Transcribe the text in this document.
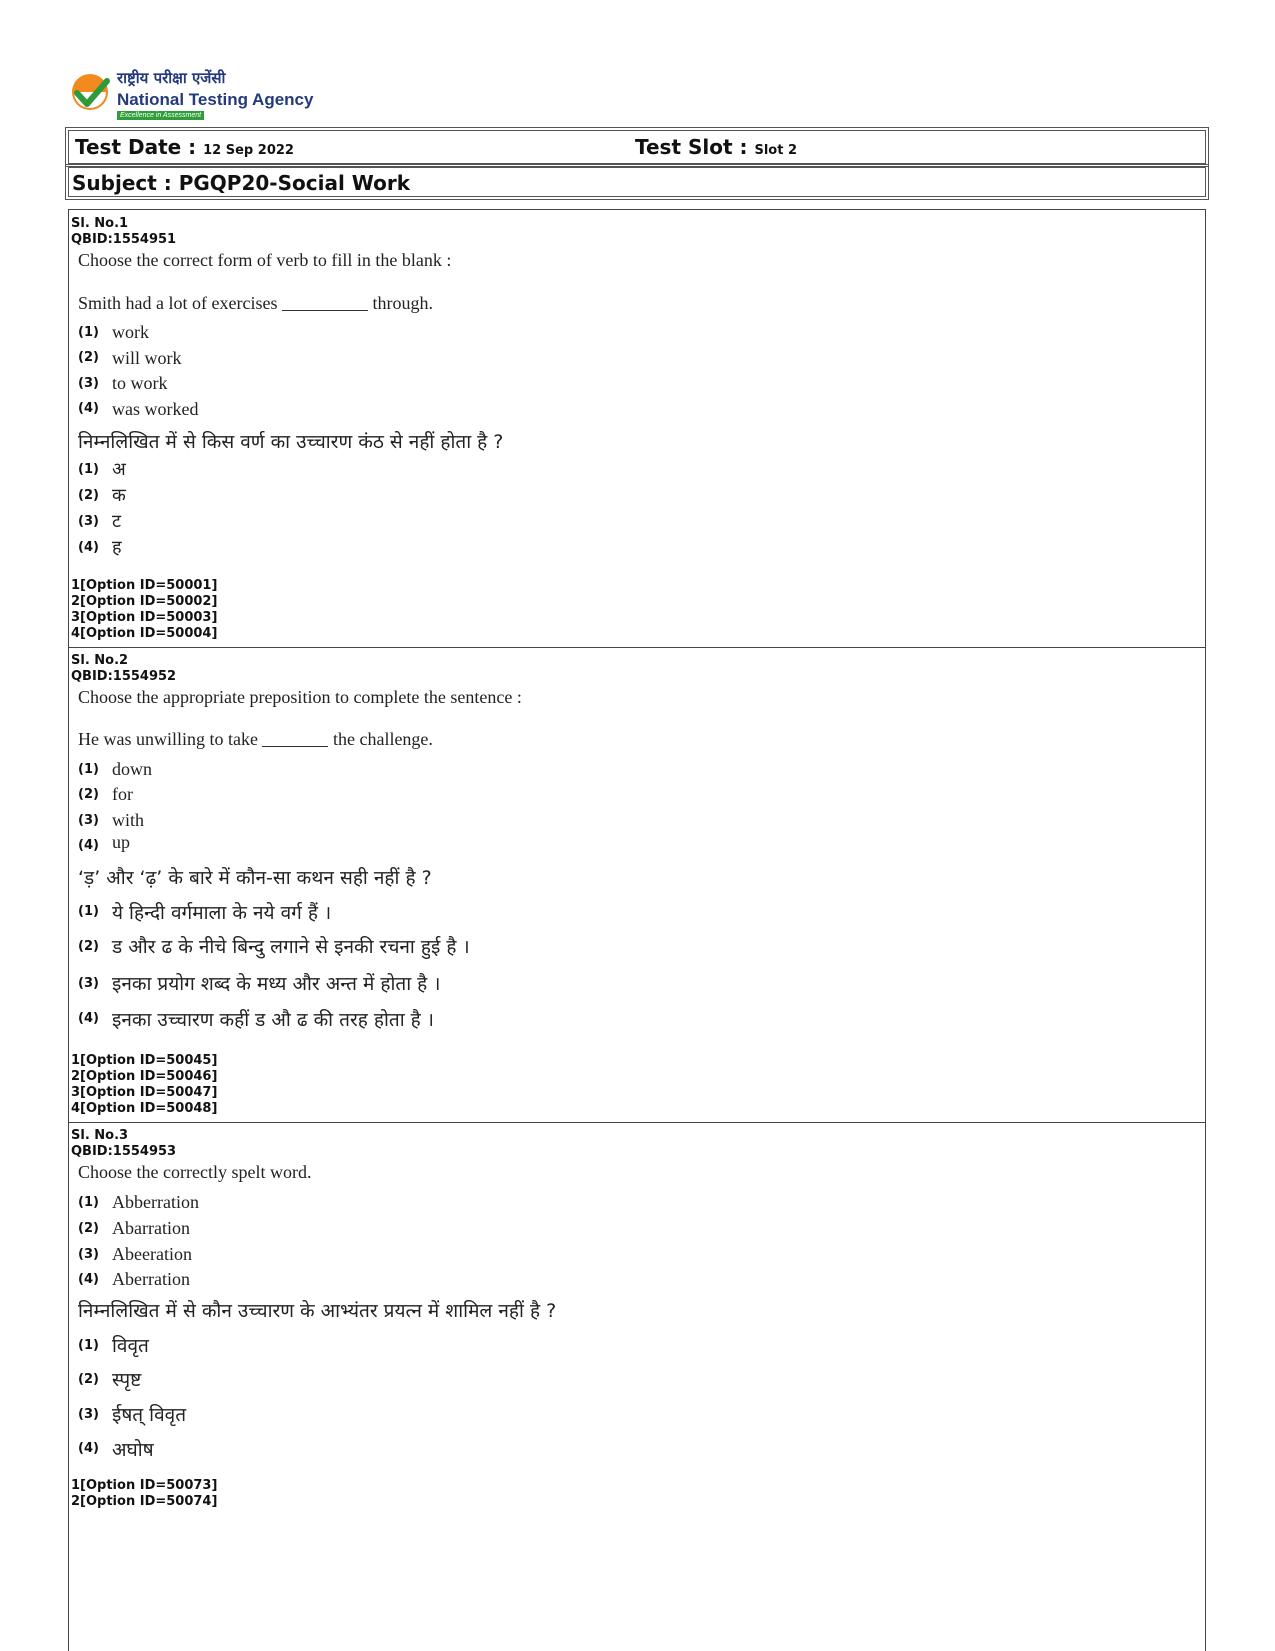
राष्ट्रीय परीक्षा एजेंसी
National Testing Agency
Excellence in Assessment
Test Date : 12 Sep 2022	Test Slot : Slot 2
Subject : PGQP20-Social Work
Sl. No.1
QBID:1554951
Choose the correct form of verb to fill in the blank :
Smith had a lot of exercises	through.
(1) work
(2) will work
(3) to work
(4) was worked
निम्नलिखित में से किस वर्ण का उच्चारण कंठ से नहीं होता है ?
(1) अ
(2) क
(3) ट
(4) ह
1[Option ID=50001]
2[Option ID=50002]
3[Option ID=50003]
4[Option ID=50004]
Sl. No.2
QBID:1554952
Choose the appropriate preposition to complete the sentence :
He was unwilling to take	the challenge.
(1) down
(2) for
(3) with
(4) up
‘ड़’ और ‘ढ़’ के बारे में कौन-सा कथन सही नहीं है ?
(1) ये हिन्दी वर्गमाला के नये वर्ग हैं ।
(2) ड और ढ के नीचे बिन्दु लगाने से इनकी रचना हुई है ।
(3) इनका प्रयोग शब्द के मध्य और अन्त में होता है ।
(4) इनका उच्चारण कहीं ड औ ढ की तरह होता है ।
1[Option ID=50045]
2[Option ID=50046]
3[Option ID=50047]
4[Option ID=50048]
Sl. No.3
QBID:1554953
Choose the correctly spelt word.
(1) Abberration
(2) Abarration
(3) Abeeration
(4) Aberration
निम्नलिखित में से कौन उच्चारण के आभ्यंतर प्रयत्न में शामिल नहीं है ?
(1) विवृत
(2) स्पृष्ट
(3) ईषत् विवृत
(4) अघोष
1[Option ID=50073]
2[Option ID=50074]
